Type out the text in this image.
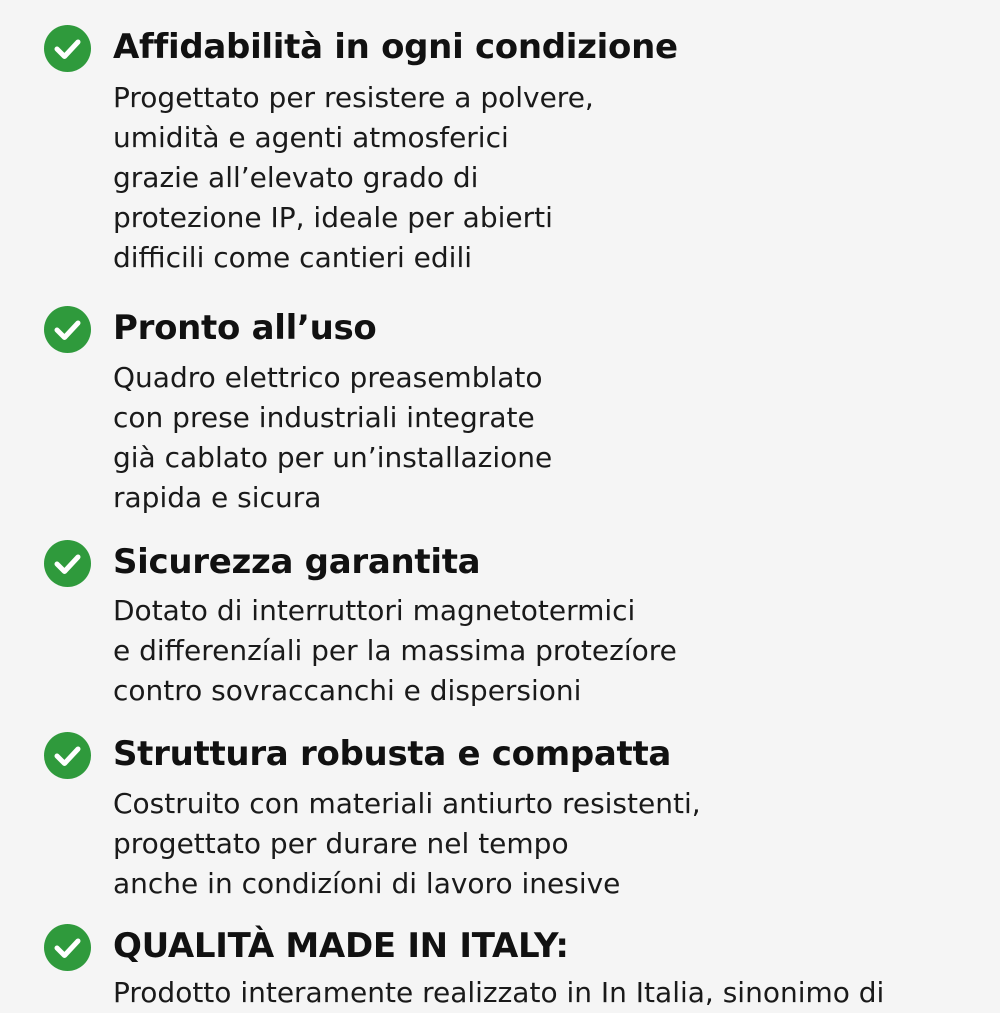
Affidabilità in ogni condizione

Progettato per resistere a polvere,
umidità e agenti atmosferici
grazie all’elevato grado di
protezione IP, ideale per abierti
difficili come cantieri edili

Pronto all’uso

Quadro elettrico preasemblato
con prese industriali integrate
già cablato per un’installazione
rapida e sicura

Sicurezza garantita

Dotato di interruttori magnetotermici
e differenzíali per la massima protezíore
contro sovraccanchi e dispersioni

Struttura robusta e compatta

Costruito con materiali antiurto resistenti,
progettato per durare nel tempo
anche in condizíoni di lavoro inesive

QUALITÀ MADE IN ITALY:

Prodotto interamente realizzato in In Italia, sinonimo di
